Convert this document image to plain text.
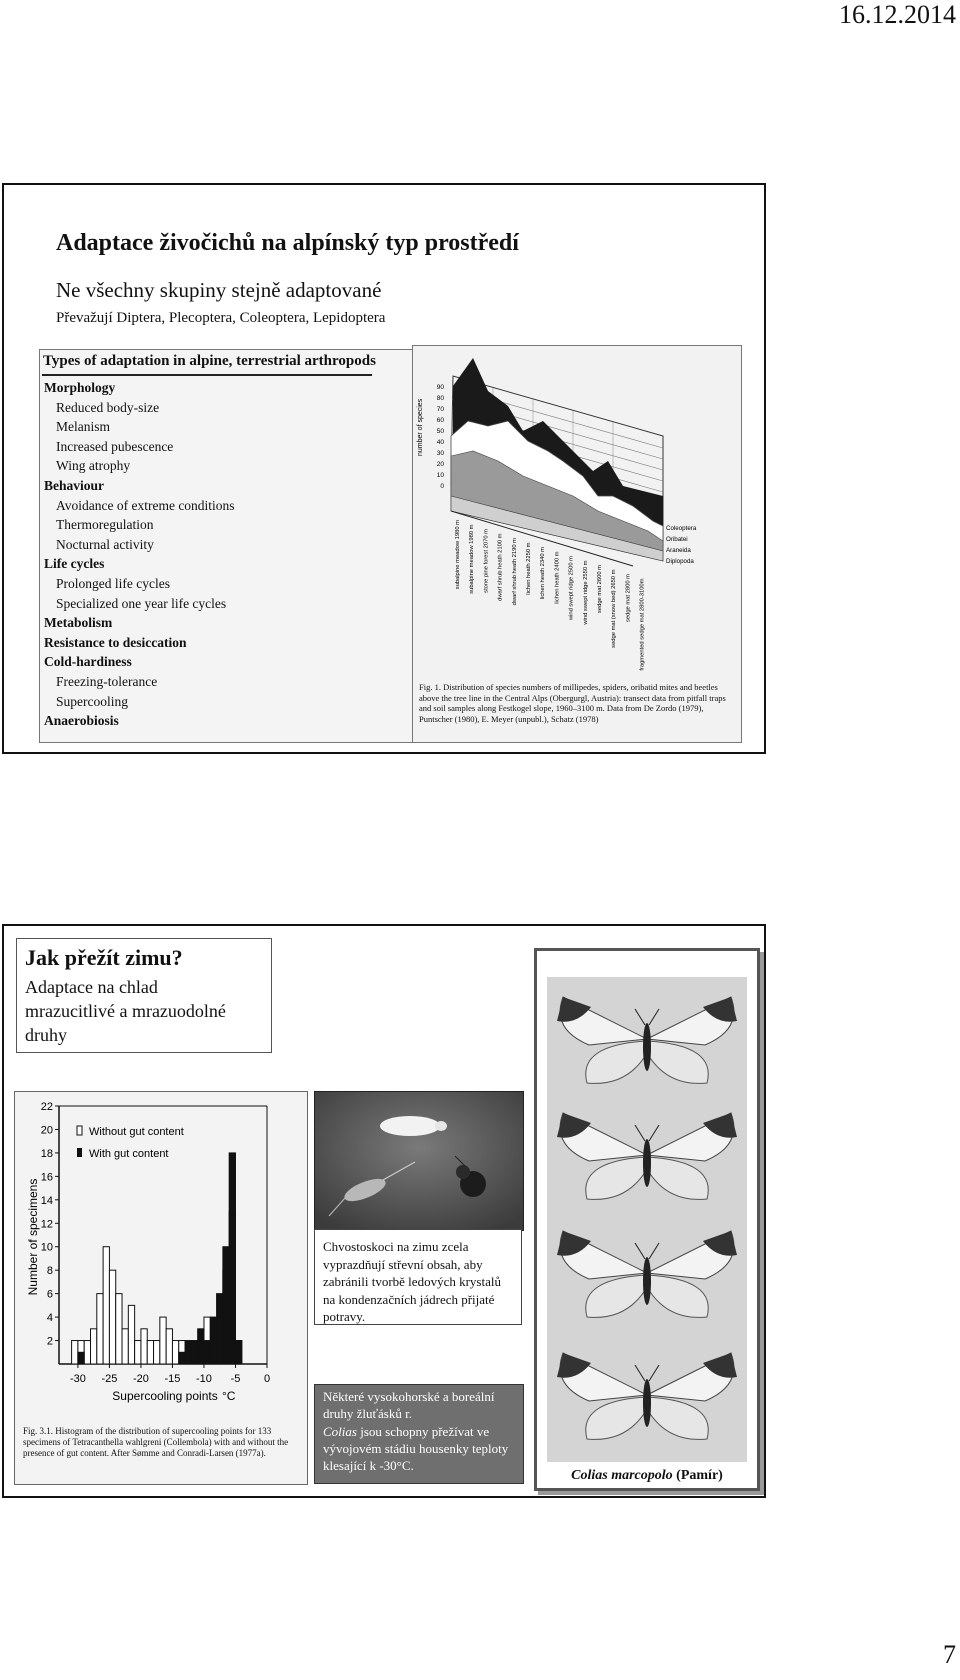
16.12.2014
Adaptace živočichů na alpínský typ prostředí
Ne všechny skupiny stejně adaptované
Převažují Diptera, Plecoptera, Coleoptera, Lepidoptera
Types of adaptation in alpine, terrestrial arthropods
Morphology
Reduced body-size
Melanism
Increased pubescence
Wing atrophy
Behaviour
Avoidance of extreme conditions
Thermoregulation
Nocturnal activity
Life cycles
Prolonged life cycles
Specialized one year life cycles
Metabolism
Resistance to desiccation
Cold-hardiness
Freezing-tolerance
Supercooling
Anaerobiosis
0
10
20
30
40
50
60
70
80
90
number of species
subalpine meadow 1980 m subalpine meadow 1980 m stone pine forest 2070 m dwarf shrub heath 2100 m dwarf shrub heath 2190 m lichen heath 2250 m lichen heath 2340 m lichen heath 2400 m wind swept ridge 2500 m wind swept ridge 2550 m sedge mat 2600 m sedge mat (snow bed) 2650 m sedge mat 2800 m fragmented sedge mat 2800-3100m
Coleoptera
Oribatei
Araneida
Diplopoda
Fig. 1. Distribution of species numbers of millipedes, spiders, oribatid mites and beetles above the tree line in the Central Alps (Obergurgl, Austria): transect data from pitfall traps and soil samples along Festkogel slope, 1960–3100 m. Data from De Zordo (1979), Puntscher (1980), E. Meyer (unpubl.), Schatz (1978)
Jak přežít zimu?
Adaptace na chlad
mrazucitlivé a mrazuodolné
druhy
2
4
6
8
10
12
14
16
18
20
22
-30 -25 -20 -15 -10 -5 0
Without gut content
With gut content
Number of specimens
Supercooling points °C
Fig. 3.1. Histogram of the distribution of supercooling points for 133 specimens of Tetracanthella wahlgreni (Collembola) with and without the presence of gut content. After Sømme and Conradi-Larsen (1977a).
Chvostoskoci na zimu zcela vyprazdňují střevní obsah, aby zabránili tvorbě ledových krystalů na kondenzačních jádrech přijaté potravy.
Některé vysokohorské a boreální druhy žluťásků r.
Colias jsou schopny přežívat ve vývojovém stádiu housenky teploty klesající k -30°C.
Colias marcopolo (Pamír)
7
